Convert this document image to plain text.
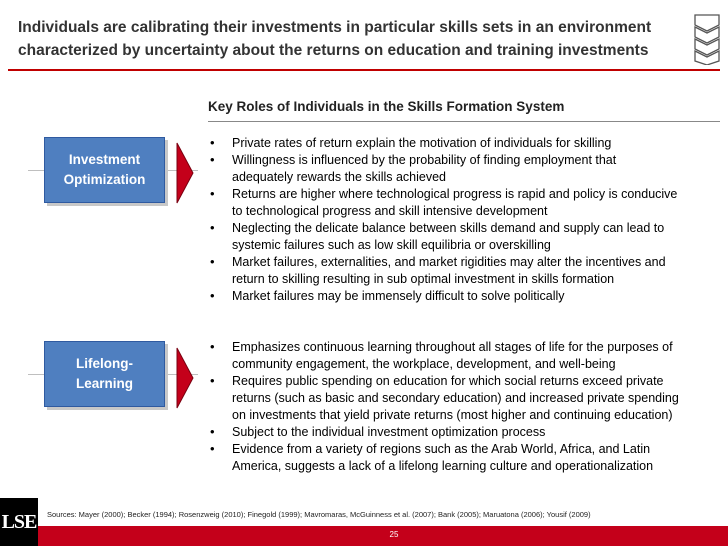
Individuals are calibrating their investments in particular skills sets in an environment
characterized by uncertainty about the returns on education and training investments
Key Roles of Individuals in the Skills Formation System
Investment
Optimization
Lifelong-
Learning
• Private rates of return explain the motivation of individuals for skilling
• Willingness is influenced by the probability of finding employment that
adequately rewards the skills achieved
• Returns are higher where technological progress is rapid and policy is conducive
to technological progress and skill intensive development
• Neglecting the delicate balance between skills demand and supply can lead to
systemic failures such as low skill equilibria or overskilling
• Market failures, externalities, and market rigidities may alter the incentives and
return to skilling resulting in sub optimal investment in skills formation
• Market failures may be immensely difficult to solve politically
• Emphasizes continuous learning throughout all stages of life for the purposes of
community engagement, the workplace, development, and well-being
• Requires public spending on education for which social returns exceed private
returns (such as basic and secondary education) and increased private spending
on investments that yield private returns (most higher and continuing education)
• Subject to the individual investment optimization process
• Evidence from a variety of regions such as the Arab World, Africa, and Latin
America, suggests a lack of a lifelong learning culture and operationalization
Sources: Mayer (2000); Becker (1994); Rosenzweig (2010); Finegold (1999); Mavromaras, McGuinness et al. (2007); Bank (2005); Maruatona (2006); Yousif (2009)
25
LSE
